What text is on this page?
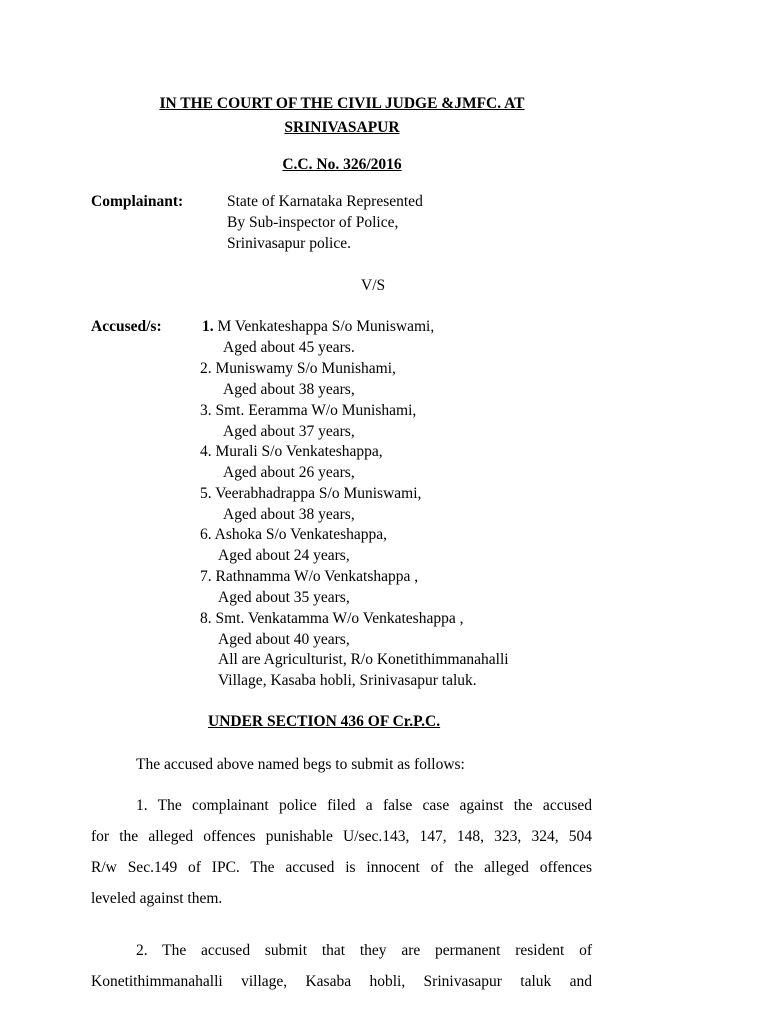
IN THE COURT OF THE CIVIL JUDGE &JMFC. AT
SRINIVASAPUR
C.C. No. 326/2016
Complainant:	State of Karnataka Represented
By Sub-inspector of Police,
Srinivasapur police.
V/S
Accused/s:	1. M Venkateshappa S/o Muniswami,
Aged about 45 years.
2. Muniswamy S/o Munishami,
Aged about 38 years,
3. Smt. Eeramma W/o Munishami,
Aged about 37 years,
4. Murali S/o Venkateshappa,
Aged about 26 years,
5. Veerabhadrappa S/o Muniswami,
Aged about 38 years,
6. Ashoka S/o Venkateshappa,
Aged about 24 years,
7. Rathnamma W/o Venkatshappa ,
Aged about 35 years,
8. Smt. Venkatamma W/o Venkateshappa ,
Aged about 40 years,
All are Agriculturist, R/o Konetithimmanahalli
Village, Kasaba hobli, Srinivasapur taluk.
UNDER SECTION 436 OF Cr.P.C.
The accused above named begs to submit as follows:
1. The complainant police filed a false case against the accused
for the alleged offences punishable U/sec.143, 147, 148, 323, 324, 504
R/w Sec.149 of IPC. The accused is innocent of the alleged offences
leveled against them.
2. The accused submit that they are permanent resident of
Konetithimmanahalli village, Kasaba hobli, Srinivasapur taluk and
